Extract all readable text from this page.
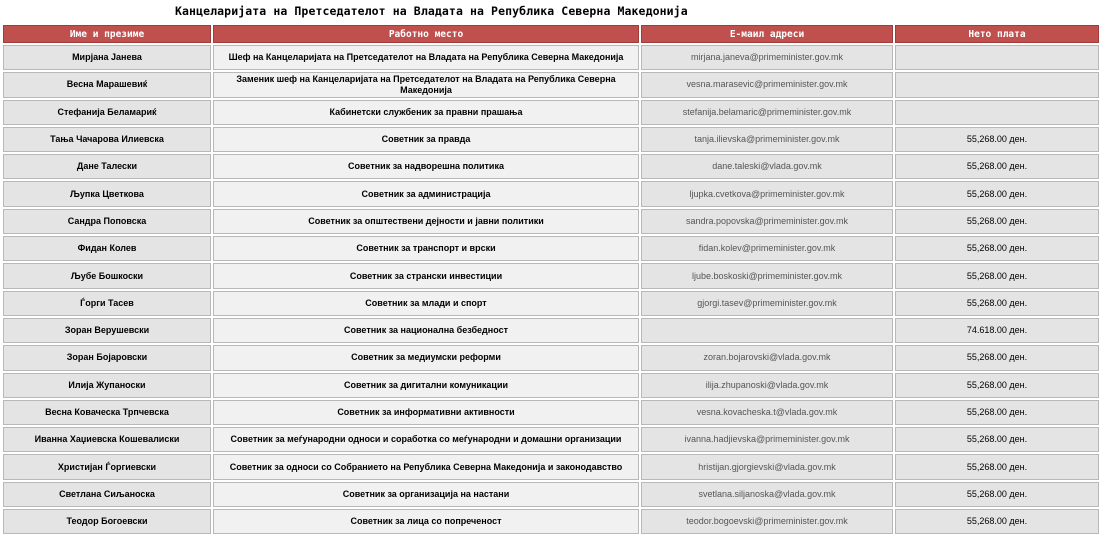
Канцеларијата на Претседателот на Владата на Република Северна Македонија
Име и презиме	Работно место	Е-маил адреси	Нето плата
Мирјана Јанева	Шеф на Канцеларијата на Претседателот на Владата на Република Северна Македонија	mirjana.janeva@primeminister.gov.mk	
Весна Марашевиќ	Заменик шеф на Канцеларијата на Претседателот на Владата на Република Северна Македонија	vesna.marasevic@primeminister.gov.mk	
Стефанија Беламариќ	Кабинетски службеник за правни прашања	stefanija.belamaric@primeminister.gov.mk	
Тања Чачарова Илиевска	Советник за правда	tanja.ilievska@primeminister.gov.mk	55,268.00 ден.
Дане Талески	Советник за надворешна политика	dane.taleski@vlada.gov.mk	55,268.00 ден.
Љупка Цветкова	Советник за администрација	ljupka.cvetkova@primeminister.gov.mk	55,268.00 ден.
Сандра Поповска	Советник за општествени дејности и јавни политики	sandra.popovska@primeminister.gov.mk	55,268.00 ден.
Фидан Колев	Советник за транспорт и врски	fidan.kolev@primeminister.gov.mk	55,268.00 ден.
Љубе Бошкоски	Советник за странски инвестиции	ljube.boskoski@primeminister.gov.mk	55,268.00 ден.
Ѓорги Тасев	Советник за млади и спорт	gjorgi.tasev@primeminister.gov.mk	55,268.00 ден.
Зоран Верушевски	Советник за национална безбедност		74.618.00 ден.
Зоран Бојаровски	Советник за медиумски реформи	zoran.bojarovski@vlada.gov.mk	55,268.00 ден.
Илија Жупаноски	Советник за дигитални комуникации	ilija.zhupanoski@vlada.gov.mk	55,268.00 ден.
Весна Коваческа Трпчевска	Советник за информативни активности	vesna.kovacheska.t@vlada.gov.mk	55,268.00 ден.
Иванна Хаџиевска Кошевалиски	Советник за меѓународни односи и соработка со меѓународни и домашни организации	ivanna.hadjievska@primeminister.gov.mk	55,268.00 ден.
Христијан Ѓоргиевски	Советник за односи со Собранието на Република Северна Македонија и законодавство	hristijan.gjorgievski@vlada.gov.mk	55,268.00 ден.
Светлана Сиљаноска	Советник за организација на настани	svetlana.siljanoska@vlada.gov.mk	55,268.00 ден.
Теодор Богоевски	Советник за лица со попреченост	teodor.bogoevski@primeminister.gov.mk	55,268.00 ден.
